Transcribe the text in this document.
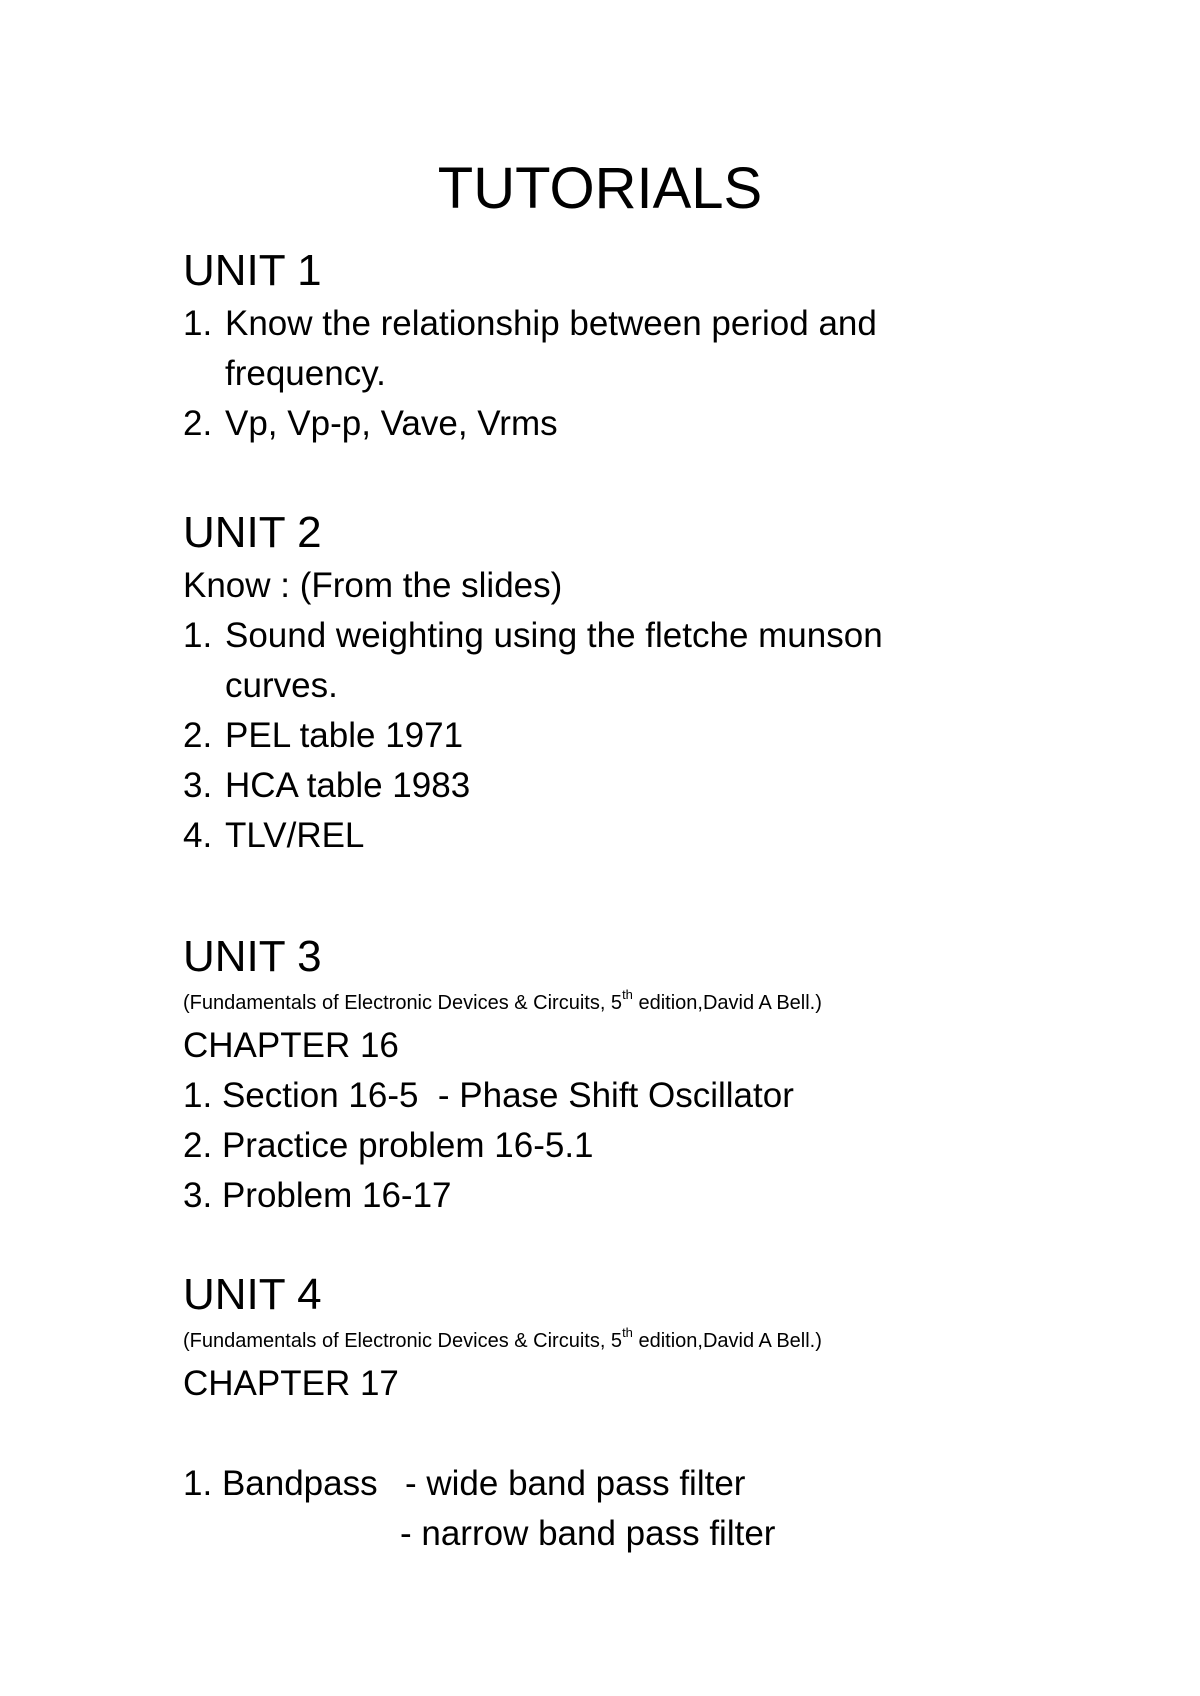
TUTORIALS
UNIT 1
1. Know the relationship between period and
frequency.
2. Vp, Vp-p, Vave, Vrms
UNIT 2
Know : (From the slides)
1. Sound weighting using the fletche munson
curves.
2. PEL table 1971
3. HCA table 1983
4. TLV/REL
UNIT 3
(Fundamentals of Electronic Devices & Circuits, 5th edition,David A Bell.)
CHAPTER 16
1. Section 16-5  - Phase Shift Oscillator
2. Practice problem 16-5.1
3. Problem 16-17
UNIT 4
(Fundamentals of Electronic Devices & Circuits, 5th edition,David A Bell.)
CHAPTER 17
1. Bandpass - wide band pass filter
- narrow band pass filter
